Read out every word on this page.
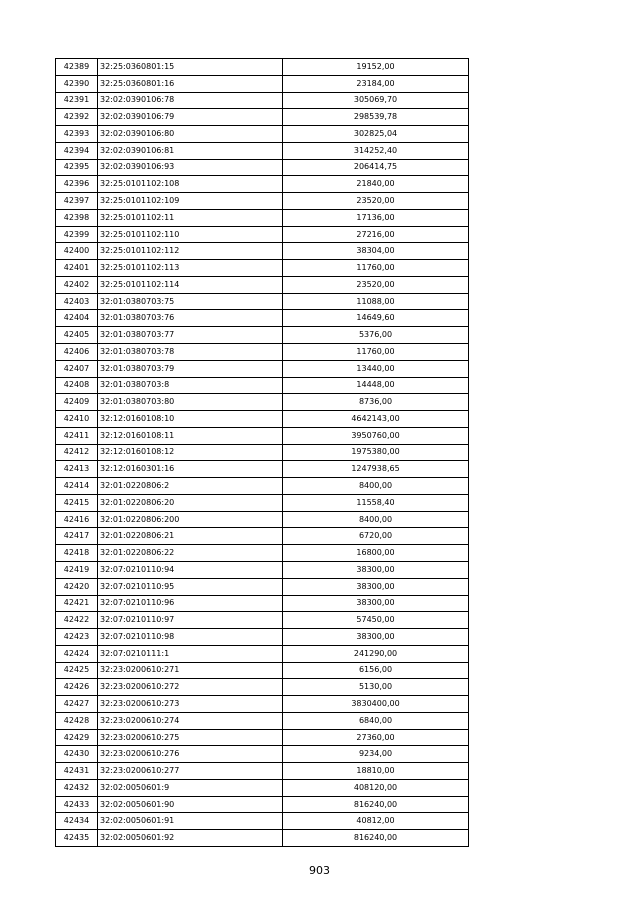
42389	32:25:0360801:15	19152,00
42390	32:25:0360801:16	23184,00
42391	32:02:0390106:78	305069,70
42392	32:02:0390106:79	298539,78
42393	32:02:0390106:80	302825,04
42394	32:02:0390106:81	314252,40
42395	32:02:0390106:93	206414,75
42396	32:25:0101102:108	21840,00
42397	32:25:0101102:109	23520,00
42398	32:25:0101102:11	17136,00
42399	32:25:0101102:110	27216,00
42400	32:25:0101102:112	38304,00
42401	32:25:0101102:113	11760,00
42402	32:25:0101102:114	23520,00
42403	32:01:0380703:75	11088,00
42404	32:01:0380703:76	14649,60
42405	32:01:0380703:77	5376,00
42406	32:01:0380703:78	11760,00
42407	32:01:0380703:79	13440,00
42408	32:01:0380703:8	14448,00
42409	32:01:0380703:80	8736,00
42410	32:12:0160108:10	4642143,00
42411	32:12:0160108:11	3950760,00
42412	32:12:0160108:12	1975380,00
42413	32:12:0160301:16	1247938,65
42414	32:01:0220806:2	8400,00
42415	32:01:0220806:20	11558,40
42416	32:01:0220806:200	8400,00
42417	32:01:0220806:21	6720,00
42418	32:01:0220806:22	16800,00
42419	32:07:0210110:94	38300,00
42420	32:07:0210110:95	38300,00
42421	32:07:0210110:96	38300,00
42422	32:07:0210110:97	57450,00
42423	32:07:0210110:98	38300,00
42424	32:07:0210111:1	241290,00
42425	32:23:0200610:271	6156,00
42426	32:23:0200610:272	5130,00
42427	32:23:0200610:273	3830400,00
42428	32:23:0200610:274	6840,00
42429	32:23:0200610:275	27360,00
42430	32:23:0200610:276	9234,00
42431	32:23:0200610:277	18810,00
42432	32:02:0050601:9	408120,00
42433	32:02:0050601:90	816240,00
42434	32:02:0050601:91	40812,00
42435	32:02:0050601:92	816240,00
903
